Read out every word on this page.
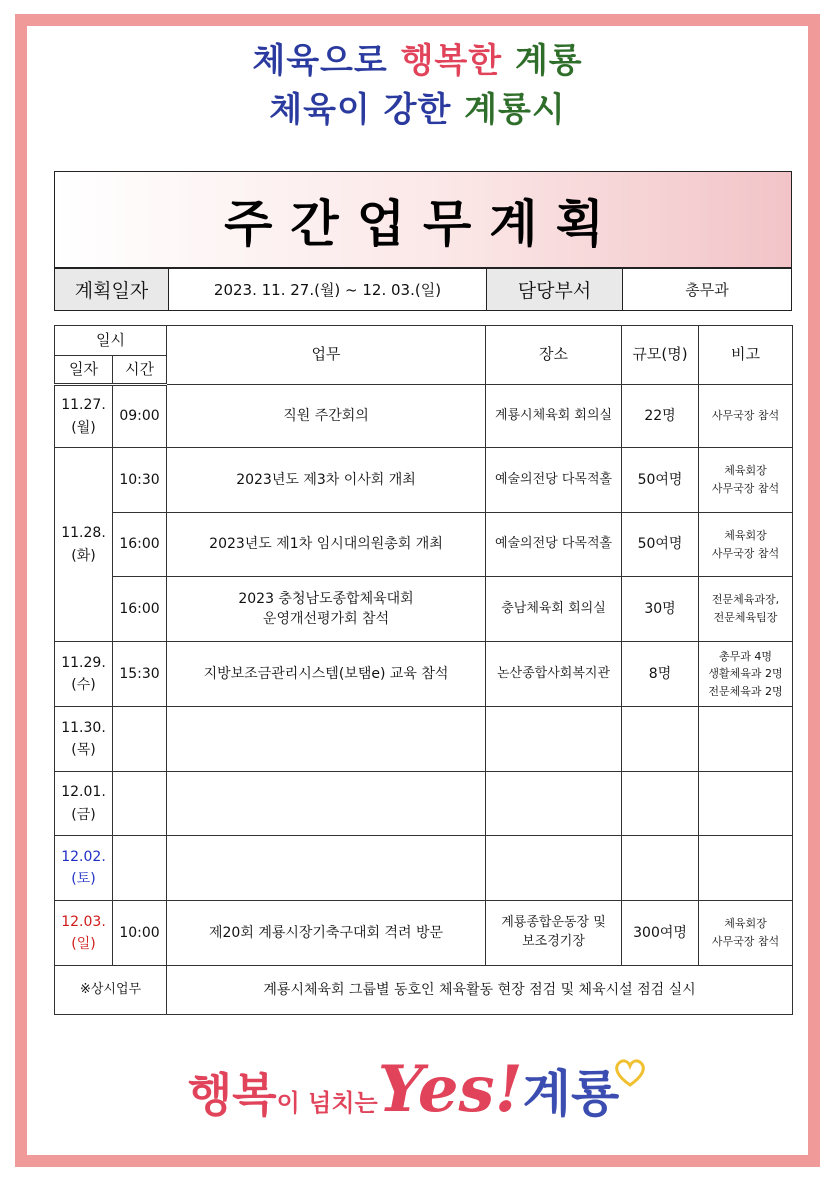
체육으로 행복한 계룡
체육이 강한 계룡시
주간업무계획
계획일자	2023. 11. 27.(월) ~ 12. 03.(일)	담당부서	총무과
일시		업무	장소	규모(명)	비고
일자	시간				
11.27.
(월)	09:00	직원 주간회의	계룡시체육회 회의실	22명	사무국장 참석
11.28.
(화)	10:30	2023년도 제3차 이사회 개최	예술의전당 다목적홀	50여명	체육회장
사무국장 참석
	16:00	2023년도 제1차 임시대의원총회 개최	예술의전당 다목적홀	50여명	체육회장
사무국장 참석
	16:00	2023 충청남도종합체육대회
운영개선평가회 참석	충남체육회 회의실	30명	전문체육과장,
전문체육팀장
11.29.
(수)	15:30	지방보조금관리시스템(보탬e) 교육 참석	논산종합사회복지관	8명	총무과 4명
생활체육과 2명
전문체육과 2명
11.30.
(목)					
12.01.
(금)					
12.02.
(토)					
12.03.
(일)	10:00	제20회 계룡시장기축구대회 격려 방문	계룡종합운동장 및
보조경기장	300여명	체육회장
사무국장 참석
※상시업무		계룡시체육회 그룹별 동호인 체육활동 현장 점검 및 체육시설 점검 실시			
행복이 넘치는Yes!계룡
